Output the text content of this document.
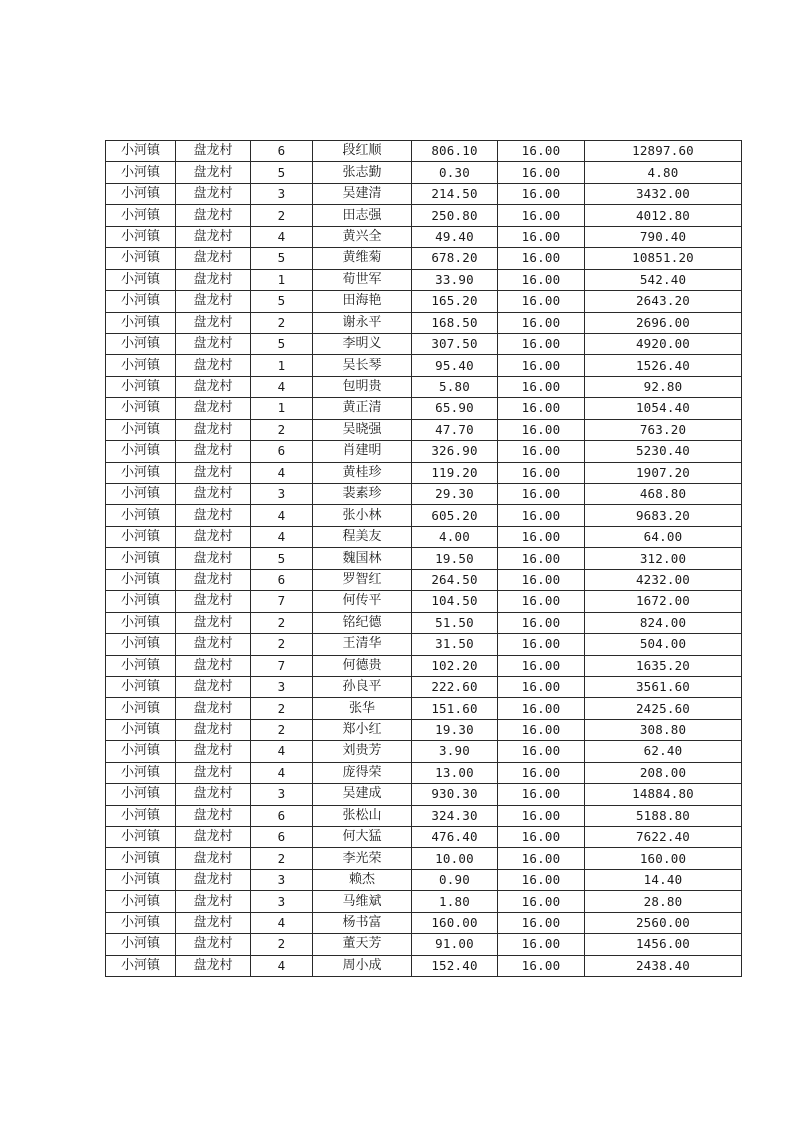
小河镇	盘龙村	6	段红顺	806.10	16.00	12897.60
小河镇	盘龙村	5	张志勤	0.30	16.00	4.80
小河镇	盘龙村	3	吴建清	214.50	16.00	3432.00
小河镇	盘龙村	2	田志强	250.80	16.00	4012.80
小河镇	盘龙村	4	黄兴全	49.40	16.00	790.40
小河镇	盘龙村	5	黄维菊	678.20	16.00	10851.20
小河镇	盘龙村	1	荀世军	33.90	16.00	542.40
小河镇	盘龙村	5	田海艳	165.20	16.00	2643.20
小河镇	盘龙村	2	谢永平	168.50	16.00	2696.00
小河镇	盘龙村	5	李明义	307.50	16.00	4920.00
小河镇	盘龙村	1	吴长琴	95.40	16.00	1526.40
小河镇	盘龙村	4	包明贵	5.80	16.00	92.80
小河镇	盘龙村	1	黄正清	65.90	16.00	1054.40
小河镇	盘龙村	2	吴晓强	47.70	16.00	763.20
小河镇	盘龙村	6	肖建明	326.90	16.00	5230.40
小河镇	盘龙村	4	黄桂珍	119.20	16.00	1907.20
小河镇	盘龙村	3	裴素珍	29.30	16.00	468.80
小河镇	盘龙村	4	张小林	605.20	16.00	9683.20
小河镇	盘龙村	4	程美友	4.00	16.00	64.00
小河镇	盘龙村	5	魏国林	19.50	16.00	312.00
小河镇	盘龙村	6	罗智红	264.50	16.00	4232.00
小河镇	盘龙村	7	何传平	104.50	16.00	1672.00
小河镇	盘龙村	2	铭纪德	51.50	16.00	824.00
小河镇	盘龙村	2	王清华	31.50	16.00	504.00
小河镇	盘龙村	7	何德贵	102.20	16.00	1635.20
小河镇	盘龙村	3	孙良平	222.60	16.00	3561.60
小河镇	盘龙村	2	张华	151.60	16.00	2425.60
小河镇	盘龙村	2	郑小红	19.30	16.00	308.80
小河镇	盘龙村	4	刘贵芳	3.90	16.00	62.40
小河镇	盘龙村	4	庞得荣	13.00	16.00	208.00
小河镇	盘龙村	3	吴建成	930.30	16.00	14884.80
小河镇	盘龙村	6	张松山	324.30	16.00	5188.80
小河镇	盘龙村	6	何大猛	476.40	16.00	7622.40
小河镇	盘龙村	2	李光荣	10.00	16.00	160.00
小河镇	盘龙村	3	赖杰	0.90	16.00	14.40
小河镇	盘龙村	3	马维斌	1.80	16.00	28.80
小河镇	盘龙村	4	杨书富	160.00	16.00	2560.00
小河镇	盘龙村	2	董天芳	91.00	16.00	1456.00
小河镇	盘龙村	4	周小成	152.40	16.00	2438.40
